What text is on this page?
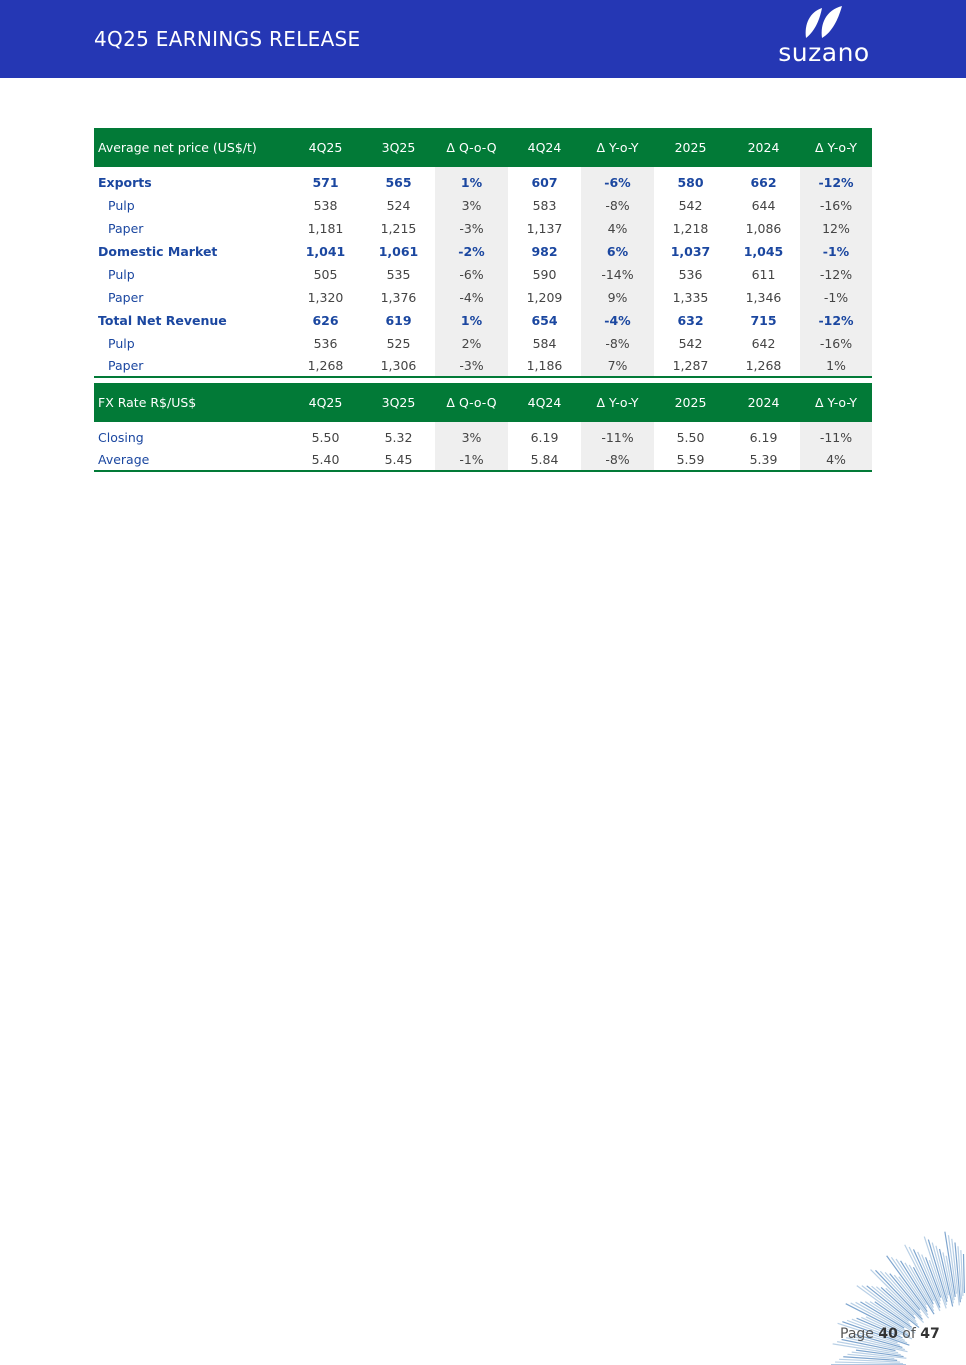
4Q25 EARNINGS RELEASE	suzano
Average net price (US$/t)	4Q25	3Q25	Δ Q-o-Q	4Q24	Δ Y-o-Y	2025	2024	Δ Y-o-Y
Exports	571	565	1%	607	-6%	580	662	-12%
Pulp	538	524	3%	583	-8%	542	644	-16%
Paper	1,181	1,215	-3%	1,137	4%	1,218	1,086	12%
Domestic Market	1,041	1,061	-2%	982	6%	1,037	1,045	-1%
Pulp	505	535	-6%	590	-14%	536	611	-12%
Paper	1,320	1,376	-4%	1,209	9%	1,335	1,346	-1%
Total Net Revenue	626	619	1%	654	-4%	632	715	-12%
Pulp	536	525	2%	584	-8%	542	642	-16%
Paper	1,268	1,306	-3%	1,186	7%	1,287	1,268	1%
FX Rate R$/US$	4Q25	3Q25	Δ Q-o-Q	4Q24	Δ Y-o-Y	2025	2024	Δ Y-o-Y
Closing	5.50	5.32	3%	6.19	-11%	5.50	6.19	-11%
Average	5.40	5.45	-1%	5.84	-8%	5.59	5.39	4%
Page 40 of 47
